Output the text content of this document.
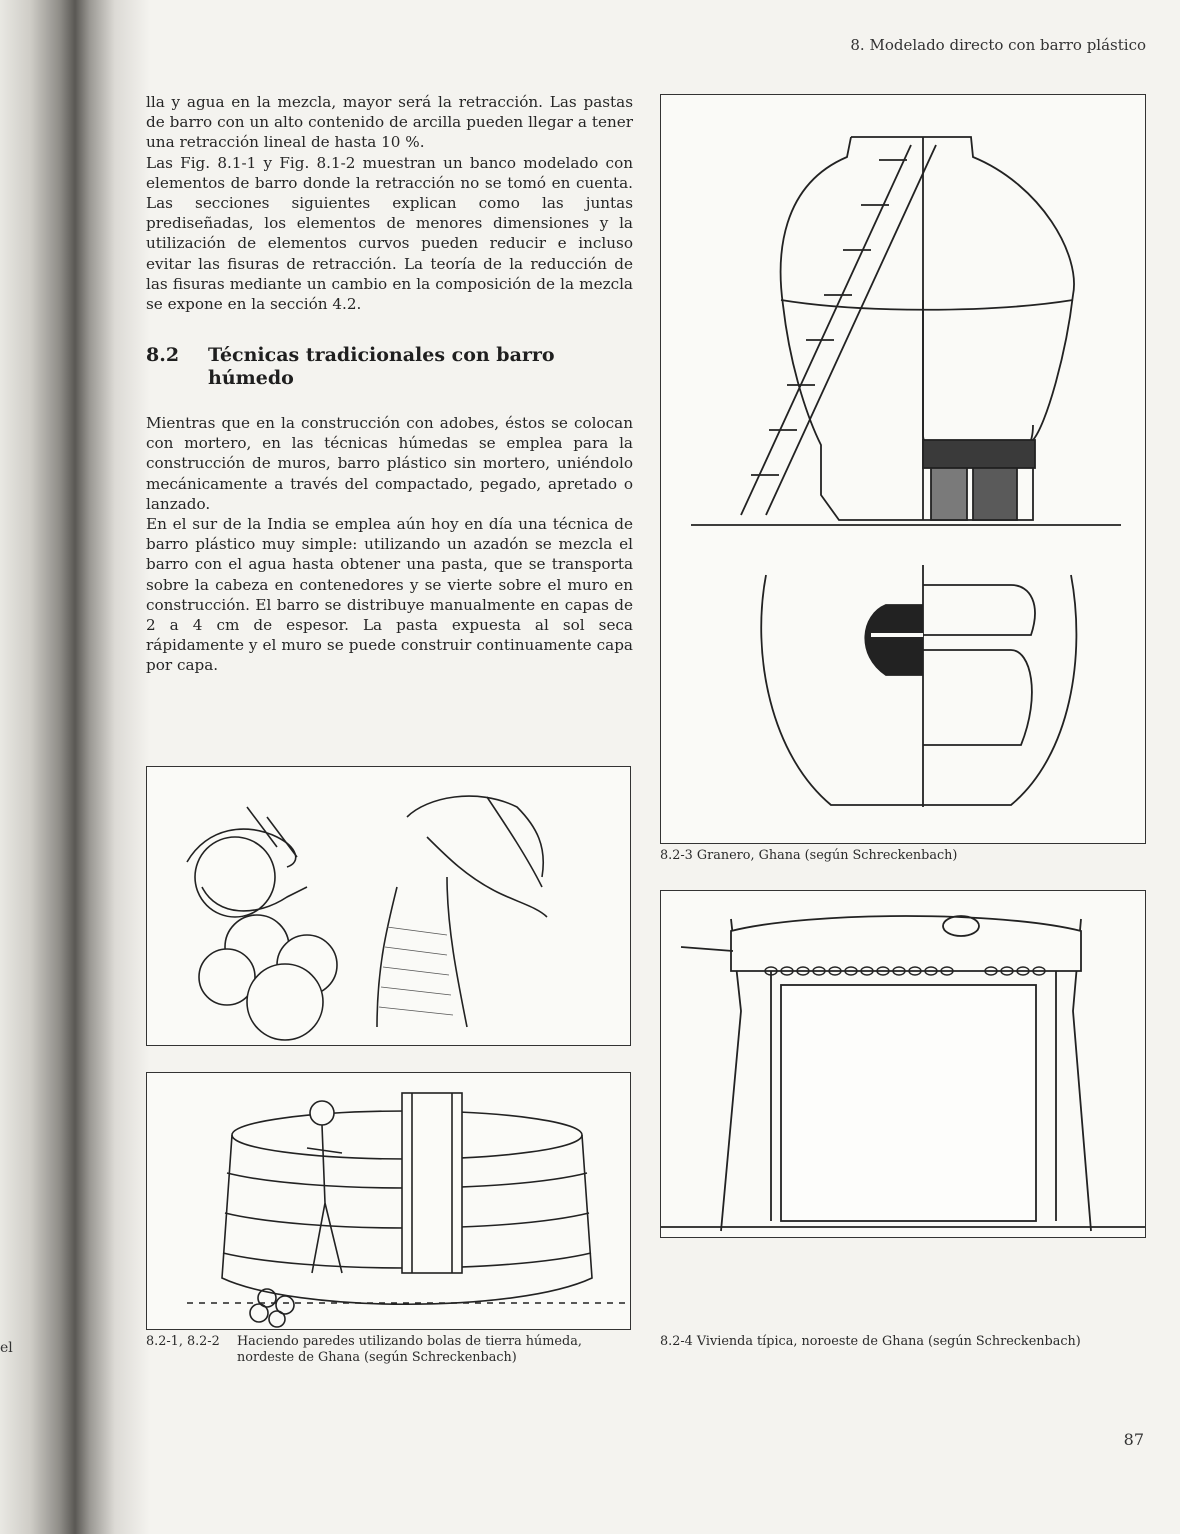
el
8. Modelado directo con barro plástico

lla y agua en la mezcla, mayor será la retracción. Las pastas de barro con un alto contenido de arcilla pueden llegar a tener una retracción lineal de hasta 10 %.

Las Fig. 8.1-1 y Fig. 8.1-2 muestran un banco modelado con elementos de barro donde la retracción no se tomó en cuenta. Las secciones siguientes explican como las juntas prediseñadas, los elementos de menores dimensiones y la utilización de elementos curvos pueden reducir e incluso evitar las fisuras de retracción. La teoría de la reducción de las fisuras mediante un cambio en la composición de la mezcla se expone en la sección 4.2.

8.2 Técnicas tradicionales con barro húmedo

Mientras que en la construcción con adobes, éstos se colocan con mortero, en las técnicas húmedas se emplea para la construcción de muros, barro plástico sin mortero, uniéndolo mecánicamente a través del compactado, pegado, apretado o lanzado.

En el sur de la India se emplea aún hoy en día una técnica de barro plástico muy simple: utilizando un azadón se mezcla el barro con el agua hasta obtener una pasta, que se transporta sobre la cabeza en contenedores y se vierte sobre el muro en construcción. El barro se distribuye manualmente en capas de 2 a 4 cm de espesor. La pasta expuesta al sol seca rápidamente y el muro se puede construir continuamente capa por capa.

8.2-1, 8.2-2 Haciendo paredes utilizando bolas de tierra húmeda,
nordeste de Ghana (según Schreckenbach)
8.2-3 Granero, Ghana (según Schreckenbach)
8.2-4 Vivienda típica, noroeste de Ghana (según Schreckenbach)
87
